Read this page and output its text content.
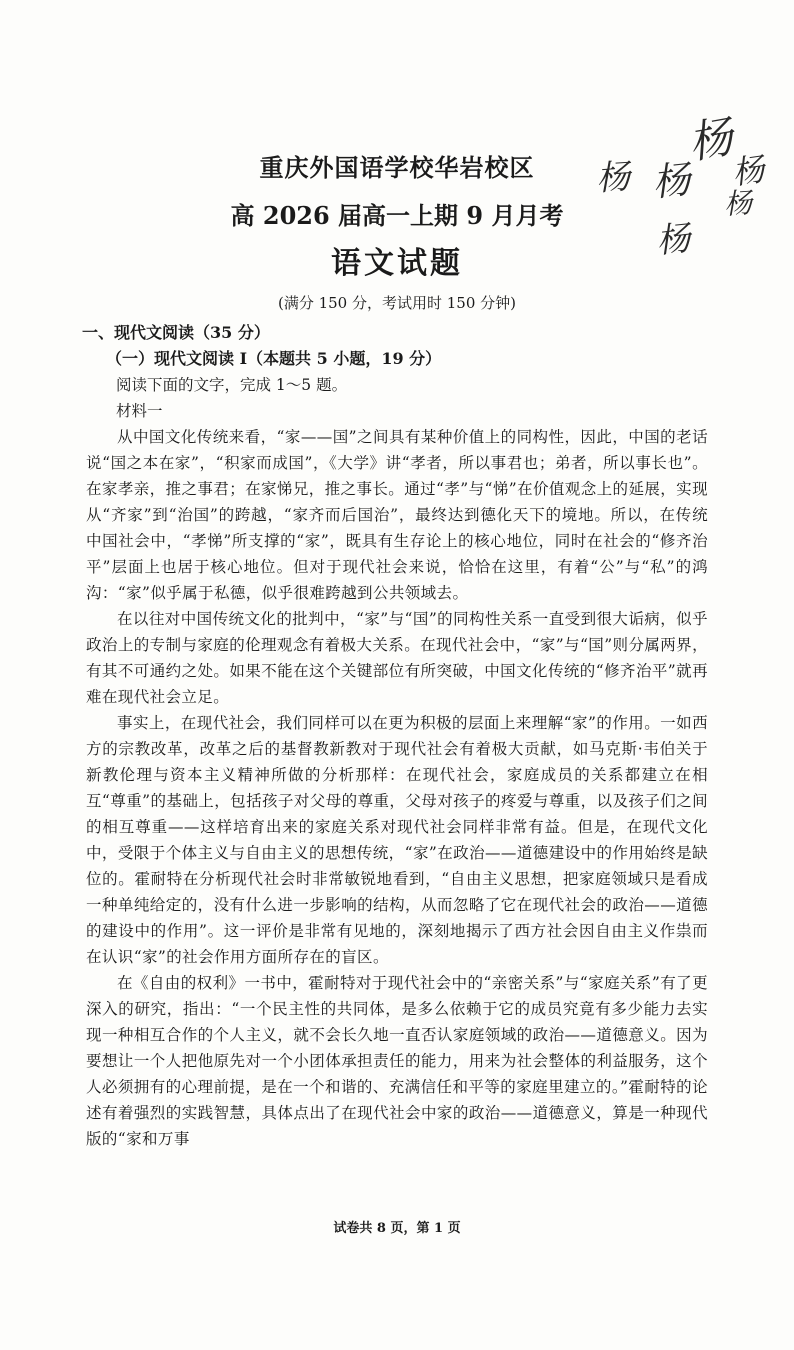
重庆外国语学校华岩校区
高 2026 届高一上期 9 月月考
语文试题
(满分 150 分，考试用时 150 分钟)
杨 杨
杨
杨
杨
杨
一、现代文阅读（35 分）
（一）现代文阅读 I（本题共 5 小题，19 分）
阅读下面的文字，完成 1～5 题。
材料一

从中国文化传统来看，“家——国”之间具有某种价值上的同构性，因此，中国的老话说“国之本在家”，“积家而成国”，《大学》讲“孝者，所以事君也；弟者，所以事长也”。在家孝亲，推之事君；在家悌兄，推之事长。通过“孝”与“悌”在价值观念上的延展，实现从“齐家”到“治国”的跨越，“家齐而后国治”，最终达到德化天下的境地。所以，在传统中国社会中，“孝悌”所支撑的“家”，既具有生存论上的核心地位，同时在社会的“修齐治平”层面上也居于核心地位。但对于现代社会来说，恰恰在这里，有着“公”与“私”的鸿沟：“家”似乎属于私德，似乎很难跨越到公共领域去。

在以往对中国传统文化的批判中，“家”与“国”的同构性关系一直受到很大诟病，似乎政治上的专制与家庭的伦理观念有着极大关系。在现代社会中，“家”与“国”则分属两界，有其不可通约之处。如果不能在这个关键部位有所突破，中国文化传统的“修齐治平”就再难在现代社会立足。

事实上，在现代社会，我们同样可以在更为积极的层面上来理解“家”的作用。一如西方的宗教改革，改革之后的基督教新教对于现代社会有着极大贡献，如马克斯·韦伯关于新教伦理与资本主义精神所做的分析那样：在现代社会，家庭成员的关系都建立在相互“尊重”的基础上，包括孩子对父母的尊重，父母对孩子的疼爱与尊重，以及孩子们之间的相互尊重——这样培育出来的家庭关系对现代社会同样非常有益。但是，在现代文化中，受限于个体主义与自由主义的思想传统，“家”在政治——道德建设中的作用始终是缺位的。霍耐特在分析现代社会时非常敏锐地看到，“自由主义思想，把家庭领域只是看成一种单纯给定的，没有什么进一步影响的结构，从而忽略了它在现代社会的政治——道德的建设中的作用”。这一评价是非常有见地的，深刻地揭示了西方社会因自由主义作祟而在认识“家”的社会作用方面所存在的盲区。

在《自由的权利》一书中，霍耐特对于现代社会中的“亲密关系”与“家庭关系”有了更深入的研究，指出：“一个民主性的共同体，是多么依赖于它的成员究竟有多少能力去实现一种相互合作的个人主义，就不会长久地一直否认家庭领域的政治——道德意义。因为要想让一个人把他原先对一个小团体承担责任的能力，用来为社会整体的利益服务，这个人必须拥有的心理前提，是在一个和谐的、充满信任和平等的家庭里建立的。”霍耐特的论述有着强烈的实践智慧，具体点出了在现代社会中家的政治——道德意义，算是一种现代版的“家和万事

试卷共 8 页，第 1 页
